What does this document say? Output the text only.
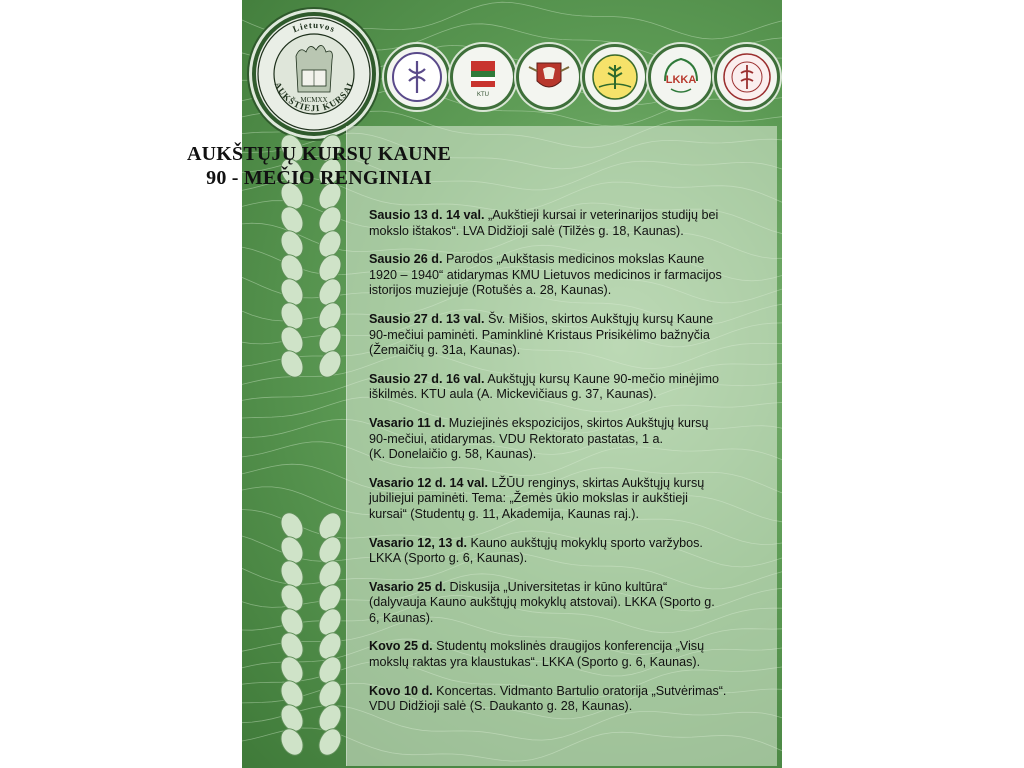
Lietuvos
AUKŠTIEJI KURSAI
MCMXX
KTU
LKKA
AUKŠTŲJŲ KURSŲ KAUNE
90 - MEČIO RENGINIAI
Sausio 13 d. 14 val. „Aukštieji kursai ir veterinarijos studijų bei
mokslo ištakos“. LVA Didžioji salė (Tilžės g. 18, Kaunas).
Sausio 26 d. Parodos „Aukštasis medicinos mokslas Kaune
1920 – 1940“ atidarymas KMU Lietuvos medicinos ir farmacijos
istorijos muziejuje (Rotušės a. 28, Kaunas).
Sausio 27 d. 13 val. Šv. Mišios, skirtos Aukštųjų kursų Kaune
90-mečiui paminėti. Paminklinė Kristaus Prisikėlimo bažnyčia
(Žemaičių g. 31a, Kaunas).
Sausio 27 d. 16 val. Aukštųjų kursų Kaune 90-mečio minėjimo
iškilmės. KTU aula (A. Mickevičiaus g. 37, Kaunas).
Vasario 11 d. Muziejinės ekspozicijos, skirtos Aukštųjų kursų
90-mečiui, atidarymas. VDU Rektorato pastatas, 1 a.
(K. Donelaičio g. 58, Kaunas).
Vasario 12 d. 14 val. LŽŪU renginys, skirtas Aukštųjų kursų
jubiliejui paminėti. Tema: „Žemės ūkio mokslas ir aukštieji
kursai“ (Studentų g. 11, Akademija, Kaunas raj.).
Vasario 12, 13 d. Kauno aukštųjų mokyklų sporto varžybos.
LKKA (Sporto g. 6, Kaunas).
Vasario 25 d. Diskusija „Universitetas ir kūno kultūra“
(dalyvauja Kauno aukštųjų mokyklų atstovai). LKKA (Sporto g.
6, Kaunas).
Kovo 25 d. Studentų mokslinės draugijos konferencija „Visų
mokslų raktas yra klaustukas“. LKKA (Sporto g. 6, Kaunas).
Kovo 10 d. Koncertas. Vidmanto Bartulio oratorija „Sutvėrimas“.
VDU Didžioji salė (S. Daukanto g. 28, Kaunas).
